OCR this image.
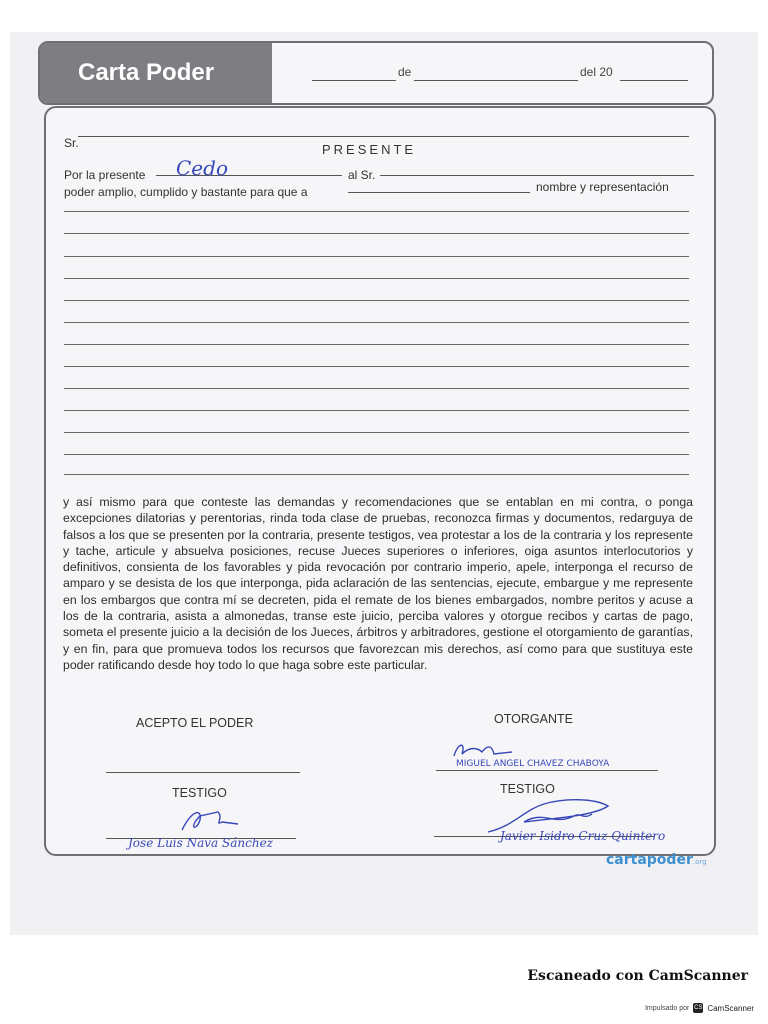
Carta Poder	de	del 20
Sr.	PRESENTE
Por la presente Cedo	al Sr.
poder amplio, cumplido y bastante para que a	nombre y representación
y así mismo para que conteste las demandas y recomendaciones que se entablan en mi contra, o ponga excepciones dilatorias y perentorias, rinda toda clase de pruebas, reconozca firmas y documentos, redarguya de falsos a los que se presenten por la contraria, presente testigos, vea protestar a los de la contraria y los represente y tache, articule y absuelva posiciones, recuse Jueces superiores o inferiores, oiga asuntos interlocutorios y definitivos, consienta de los favorables y pida revocación por contrario imperio, apele, interponga el recurso de amparo y se desista de los que interponga, pida aclaración de las sentencias, ejecute, embargue y me represente en los embargos que contra mí se decreten, pida el remate de los bienes embargados, nombre peritos y acuse a los de la contraria, asista a almonedas, transe este juicio, perciba valores y otorgue recibos y cartas de pago, someta el presente juicio a la decisión de los Jueces, árbitros y arbitradores, gestione el otorgamiento de garantías, y en fin, para que promueva todos los recursos que favorezcan mis derechos, así como para que sustituya este poder ratificando desde hoy todo lo que haga sobre este particular.
ACEPTO EL PODER	OTORGANTE
MIGUEL ANGEL CHAVEZ CHABOYA
TESTIGO	TESTIGO
Jose Luis Nava Sánchez	Javier Isidro Cruz Quintero
cartapoder.org
Escaneado con CamScanner
Impulsado por CS CamScanner
